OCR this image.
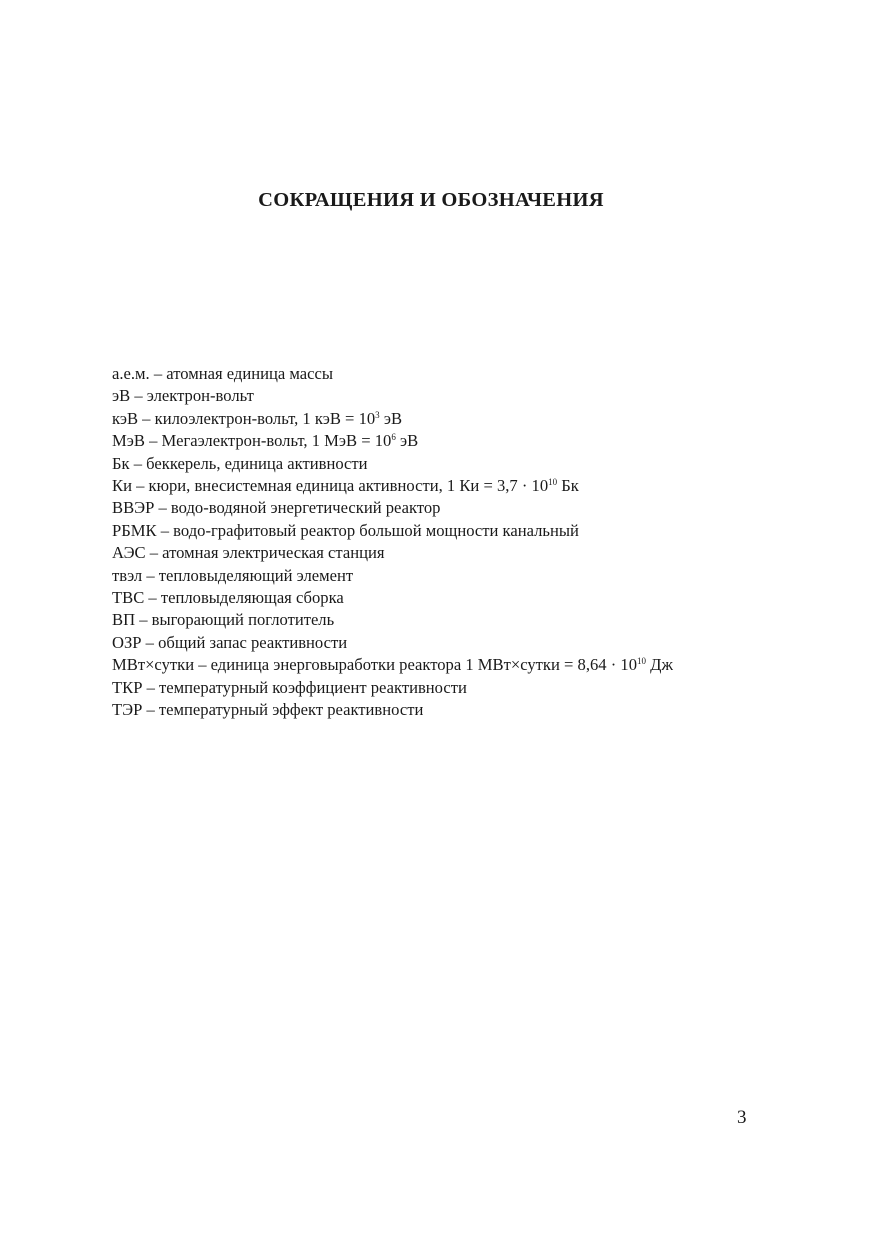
СОКРАЩЕНИЯ И ОБОЗНАЧЕНИЯ
а.е.м. – атомная единица массы
эВ – электрон-вольт
кэВ – килоэлектрон-вольт, 1 кэВ = $10^3$ эВ
МэВ – Мегаэлектрон-вольт, 1 МэВ = $10^6$ эВ
Бк – беккерель, единица активности
Ки – кюри, внесистемная единица активности, 1 Ки = $3,7 \cdot 10^{10}$ Бк
ВВЭР – водо-водяной энергетический реактор
РБМК – водо-графитовый реактор большой мощности канальный
АЭС – атомная электрическая станция
твэл – тепловыделяющий элемент
ТВС – тепловыделяющая сборка
ВП – выгорающий поглотитель
ОЗР – общий запас реактивности
МВт×сутки – единица энерговыработки реактора 1 МВт×сутки = $8,64 \cdot 10^{10}$ Дж
ТКР – температурный коэффициент реактивности
ТЭР – температурный эффект реактивности
3
